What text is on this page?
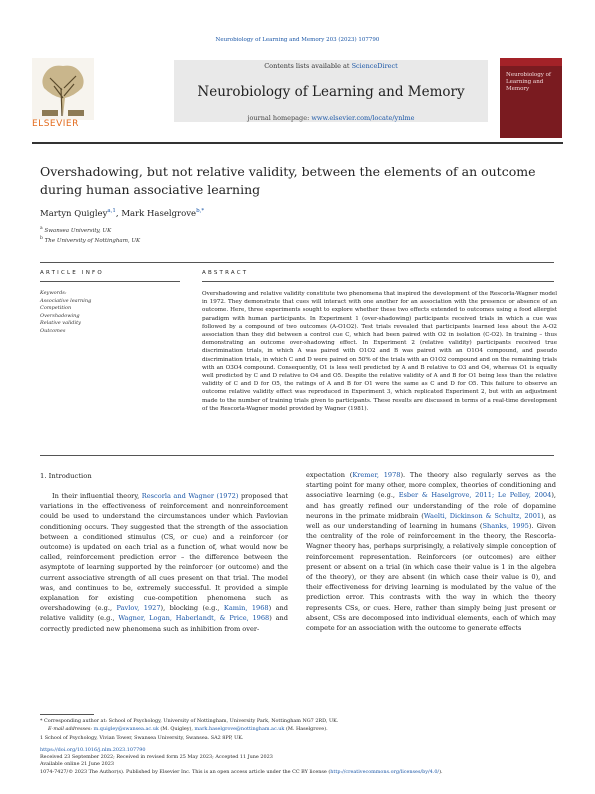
Neurobiology of Learning and Memory 203 (2023) 107790
Contents lists available at ScienceDirect
Neurobiology of Learning and Memory
journal homepage: www.elsevier.com/locate/ynlme
ELSEVIER
Neurobiology of Learning and Memory
Overshadowing, but not relative validity, between the elements of an outcome during human associative learning
Martyn Quigley$^{a,1}$, Mark Haselgrove$^{b,*}$
$^a$ Swansea University, UK
$^b$ The University of Nottingham, UK
ARTICLE INFO	ABSTRACT
Keywords:
Associative learning
Competition
Overshadowing
Relative validity
Outcomes
Overshadowing and relative validity constitute two phenomena that inspired the development of the Rescorla-Wagner model in 1972. They demonstrate that cues will interact with one another for an association with the presence or absence of an outcome. Here, three experiments sought to explore whether these two effects extended to outcomes using a food allergist paradigm with human participants. In Experiment 1 (over-shadowing) participants received trials in which a cue was followed by a compound of two outcomes (A-O1O2). Test trials revealed that participants learned less about the A-O2 association than they did between a control cue C, which had been paired with O2 in isolation (C-O2). In training – thus demonstrating an outcome over-shadowing effect. In Experiment 2 (relative validity) participants received true discrimination trials, in which A was paired with O1O2 and B was paired with an O1O4 compound, and pseudo discrimination trials, in which C and D were paired on 50% of the trials with an O1O2 compound and on the remaining trials with an O3O4 compound. Consequently, O1 is less well predicted by A and B relative to O3 and O4, whereas O1 is equally well predicted by C and D relative to O4 and O5. Despite the relative validity of A and B for O1 being less than the relative validity of C and D for O5, the ratings of A and B for O1 were the same as C and D for O5. This failure to observe an outcome relative validity effect was reproduced in Experiment 3, which replicated Experiment 2, but with an adjustment made to the number of training trials given to participants. These results are discussed in terms of a real-time development of the Rescorla-Wagner model provided by Wagner (1981).
1. Introduction
In their influential theory, Rescorla and Wagner (1972) proposed that variations in the effectiveness of reinforcement and nonreinforcement could be used to understand the circumstances under which Pavlovian conditioning occurs. They suggested that the strength of the association between a conditioned stimulus (CS, or cue) and a reinforcer (or outcome) is updated on each trial as a function of, what would now be called, reinforcement prediction error – the difference between the asymptote of learning supported by the reinforcer (or outcome) and the current associative strength of all cues present on that trial. The model was, and continues to be, extremely successful. It provided a simple explanation for existing cue-competition phenomena such as overshadowing (e.g., Pavlov, 1927), blocking (e.g., Kamin, 1968) and relative validity (e.g., Wagner, Logan, Haberlandt, & Price, 1968) and correctly predicted new phenomena such as inhibition from over-
expectation (Kremer, 1978). The theory also regularly serves as the starting point for many other, more complex, theories of conditioning and associative learning (e.g., Esber & Haselgrove, 2011; Le Pelley, 2004), and has greatly refined our understanding of the role of dopamine neurons in the primate midbrain (Waelti, Dickinson & Schultz, 2001), as well as our understanding of learning in humans (Shanks, 1995). Given the centrality of the role of reinforcement in the theory, the Rescorla-Wagner theory has, perhaps surprisingly, a relatively simple conception of reinforcement representation. Reinforcers (or outcomes) are either present or absent on a trial (in which case their value is 1 in the algebra of the theory), or they are absent (in which case their value is 0), and their effectiveness for driving learning is modulated by the value of the prediction error. This contrasts with the way in which the theory represents CSs, or cues. Here, rather than simply being just present or absent, CSs are decomposed into individual elements, each of which may compete for an association with the outcome to generate effects
* Corresponding author at: School of Psychology, University of Nottingham, University Park, Nottingham NG7 2RD, UK.
E-mail addresses: m.quigley@swansea.ac.uk (M. Quigley), mark.haselgrove@nottingham.ac.uk (M. Haselgrove).
1 School of Psychology, Vivian Tower, Swansea University, Swansea. SA2 8PP, UK.
https://doi.org/10.1016/j.nlm.2023.107790
Received 23 September 2022; Received in revised form 25 May 2023; Accepted 11 June 2023
Available online 21 June 2023
1074-7427/© 2023 The Author(s). Published by Elsevier Inc. This is an open access article under the CC BY license (http://creativecommons.org/licenses/by/4.0/).
